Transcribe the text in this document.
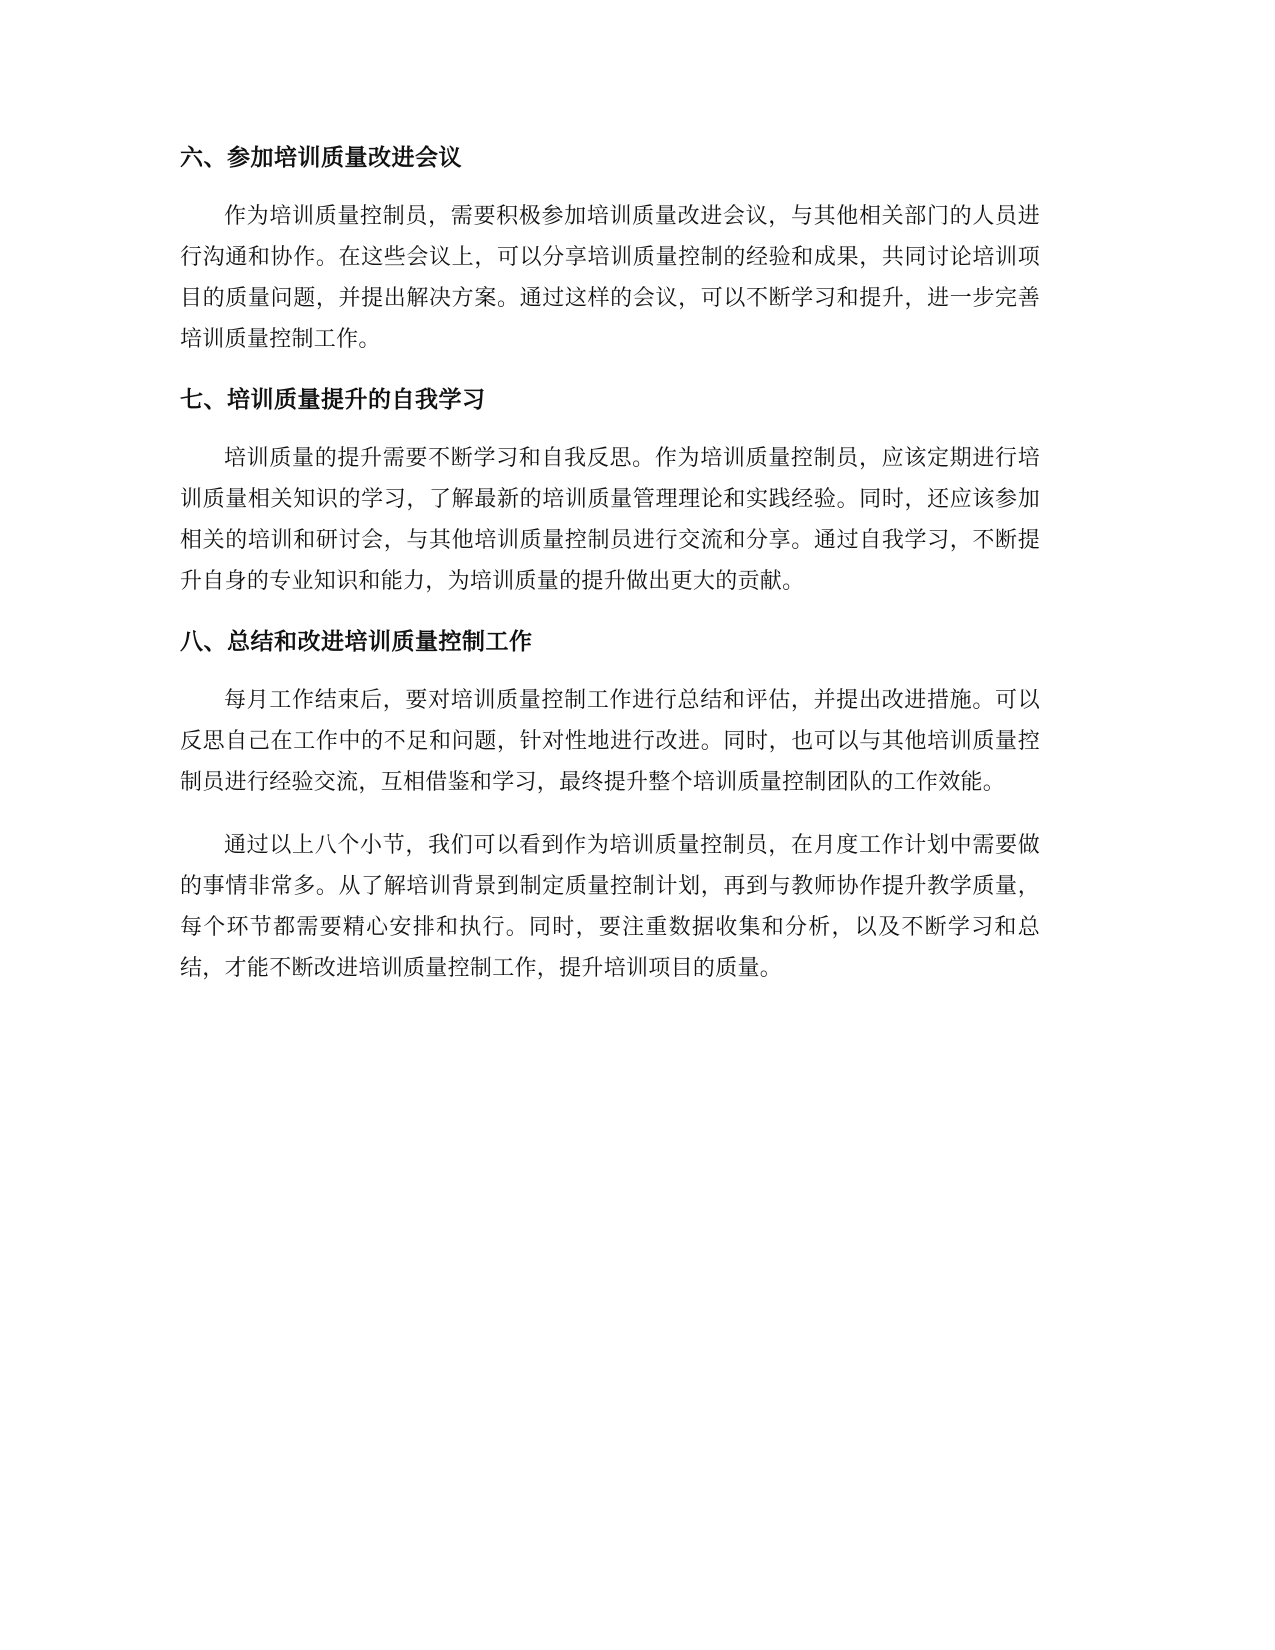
六、参加培训质量改进会议

作为培训质量控制员，需要积极参加培训质量改进会议，与其他相关部门的人员进行沟通和协作。在这些会议上，可以分享培训质量控制的经验和成果，共同讨论培训项目的质量问题，并提出解决方案。通过这样的会议，可以不断学习和提升，进一步完善培训质量控制工作。

七、培训质量提升的自我学习

培训质量的提升需要不断学习和自我反思。作为培训质量控制员，应该定期进行培训质量相关知识的学习，了解最新的培训质量管理理论和实践经验。同时，还应该参加相关的培训和研讨会，与其他培训质量控制员进行交流和分享。通过自我学习，不断提升自身的专业知识和能力，为培训质量的提升做出更大的贡献。

八、总结和改进培训质量控制工作

每月工作结束后，要对培训质量控制工作进行总结和评估，并提出改进措施。可以反思自己在工作中的不足和问题，针对性地进行改进。同时，也可以与其他培训质量控制员进行经验交流，互相借鉴和学习，最终提升整个培训质量控制团队的工作效能。

通过以上八个小节，我们可以看到作为培训质量控制员，在月度工作计划中需要做的事情非常多。从了解培训背景到制定质量控制计划，再到与教师协作提升教学质量，每个环节都需要精心安排和执行。同时，要注重数据收集和分析，以及不断学习和总结，才能不断改进培训质量控制工作，提升培训项目的质量。
